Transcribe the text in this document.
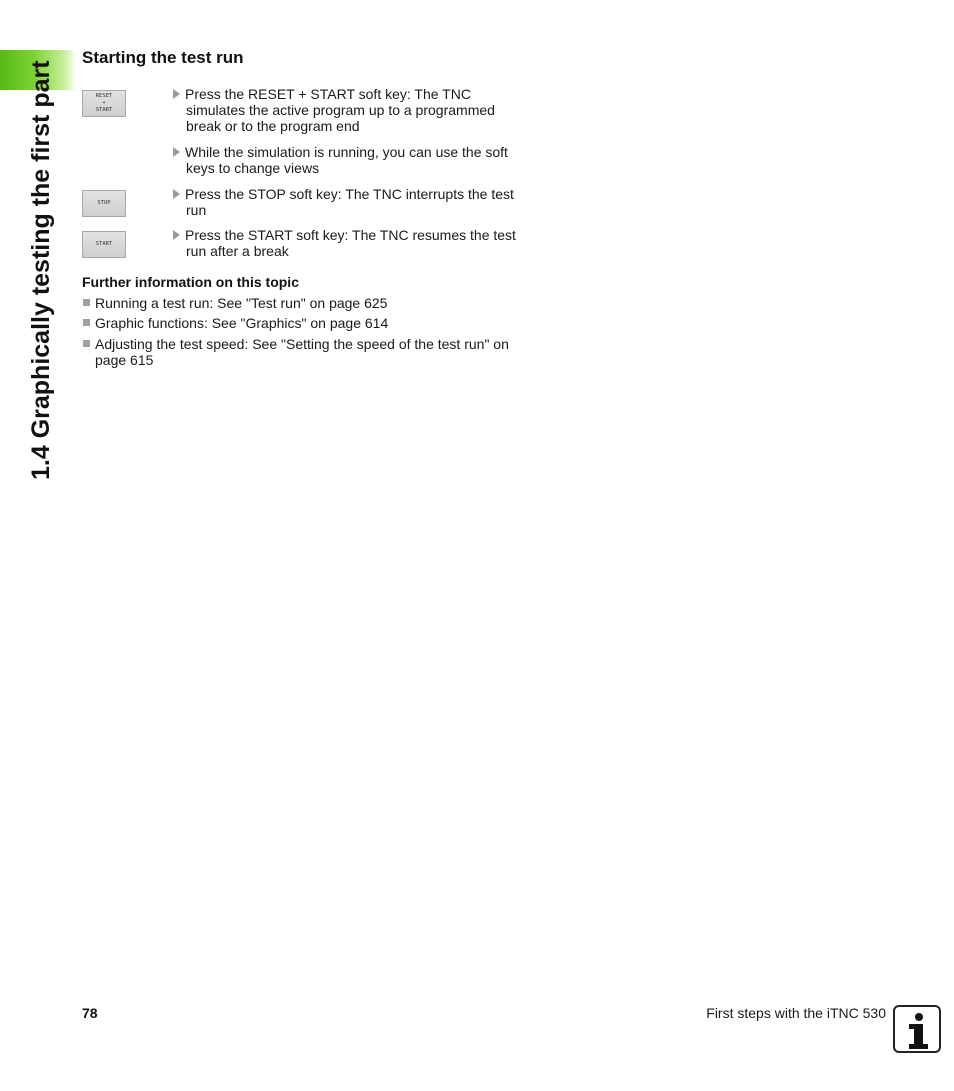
1.4 Graphically testing the first part
Starting the test run
RESET
+
START
Press the RESET + START soft key: The TNC
simulates the active program up to a programmed
break or to the program end
While the simulation is running, you can use the soft
keys to change views
STOP
Press the STOP soft key: The TNC interrupts the test
run
START
Press the START soft key: The TNC resumes the test
run after a break
Further information on this topic
Running a test run: See "Test run" on page 625
Graphic functions: See "Graphics" on page 614
Adjusting the test speed: See "Setting the speed of the test run" on
page 615
78	First steps with the iTNC 530
